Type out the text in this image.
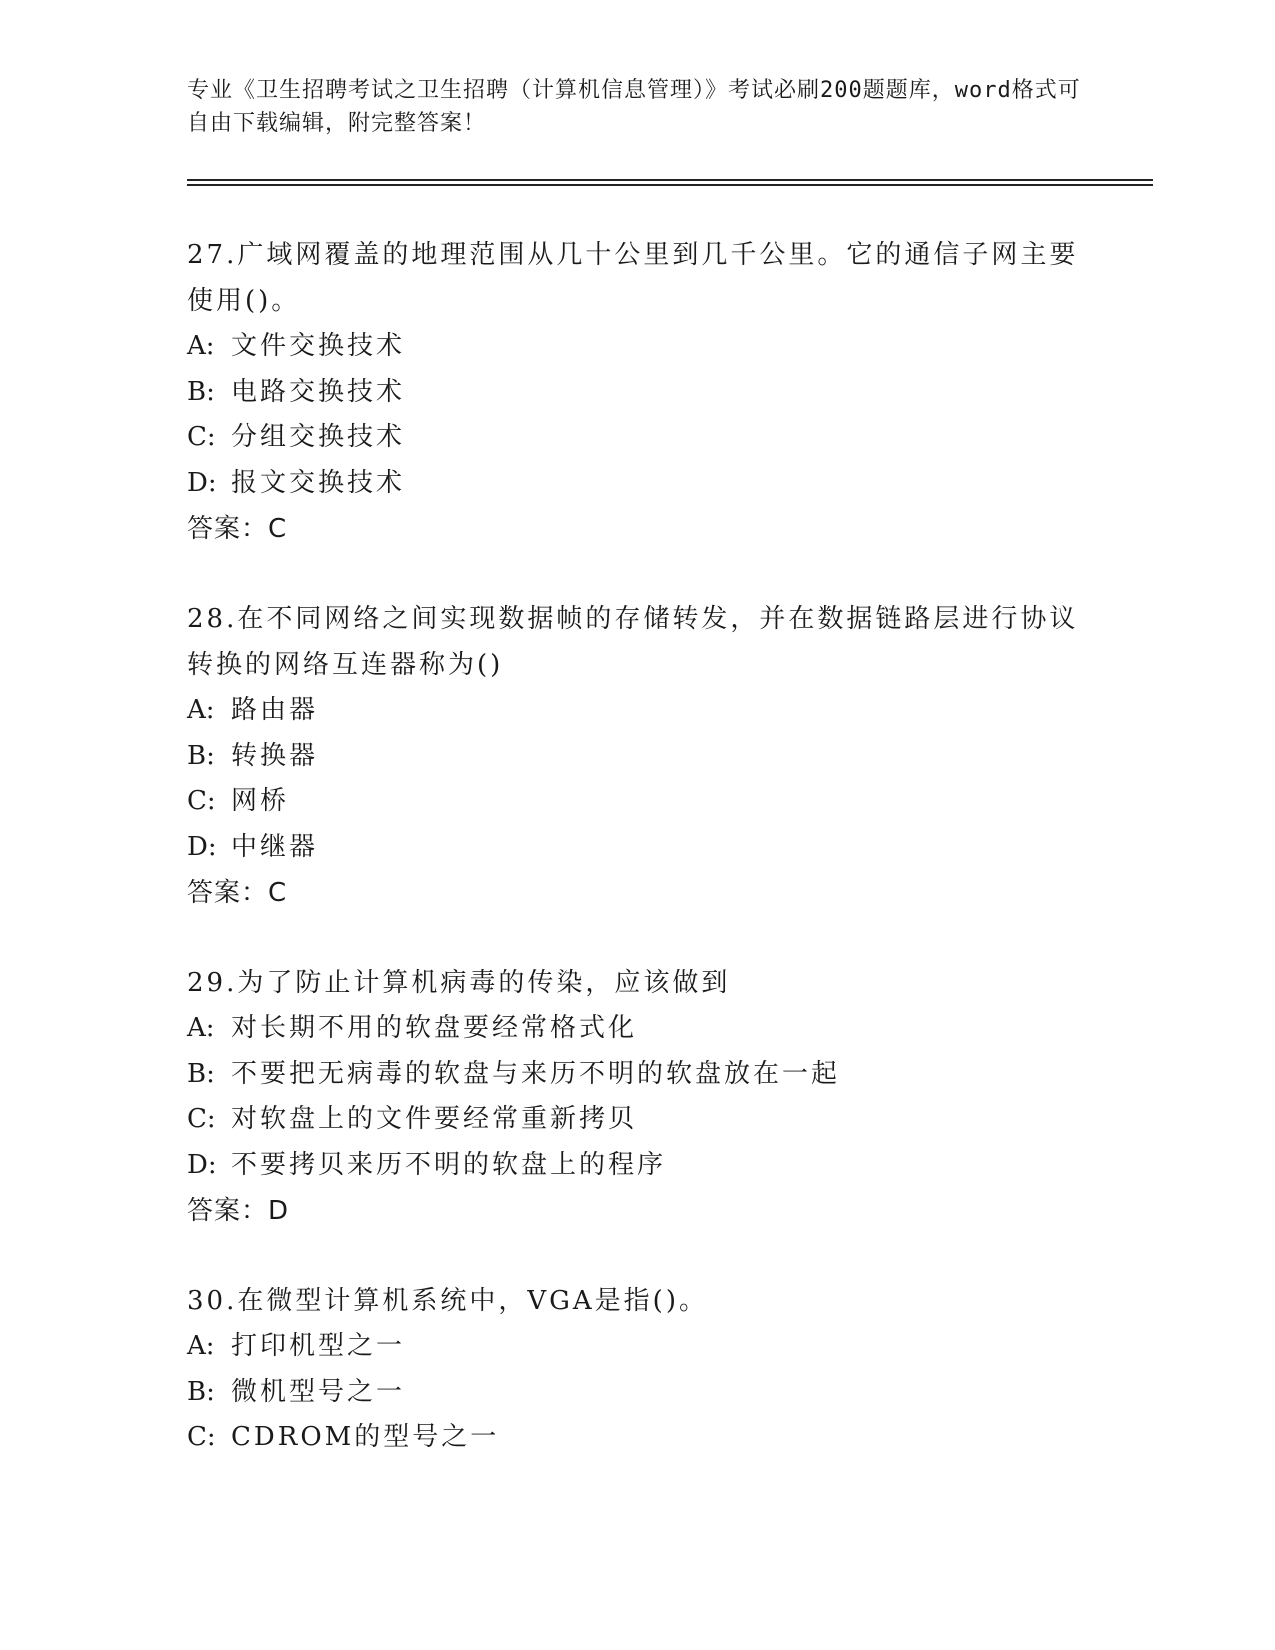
专业《卫生招聘考试之卫生招聘（计算机信息管理）》考试必刷200题题库，word格式可自由下载编辑，附完整答案！

27.广域网覆盖的地理范围从几十公里到几千公里。它的通信子网主要使用()。

A: 文件交换技术

B: 电路交换技术

C: 分组交换技术

D: 报文交换技术

答案：C

28.在不同网络之间实现数据帧的存储转发，并在数据链路层进行协议转换的网络互连器称为()

A: 路由器

B: 转换器

C: 网桥

D: 中继器

答案：C

29.为了防止计算机病毒的传染，应该做到

A: 对长期不用的软盘要经常格式化

B: 不要把无病毒的软盘与来历不明的软盘放在一起

C: 对软盘上的文件要经常重新拷贝

D: 不要拷贝来历不明的软盘上的程序

答案：D

30.在微型计算机系统中，VGA是指()。

A: 打印机型之一

B: 微机型号之一

C: CDROM的型号之一
